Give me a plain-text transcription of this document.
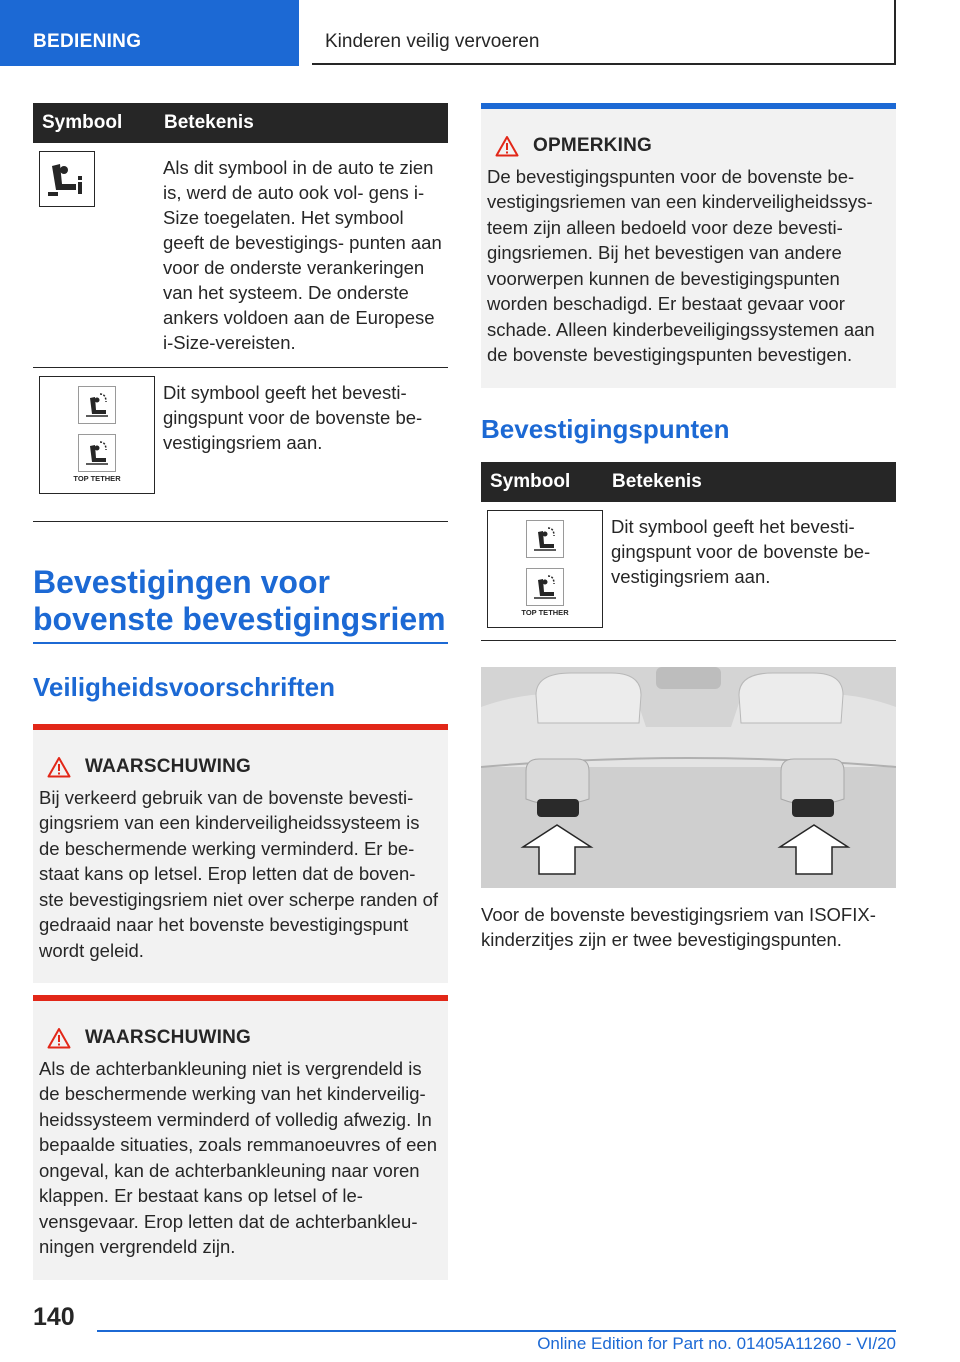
BEDIENING	Kinderen veilig vervoeren
Symbool	Betekenis

	Als dit symbool in de auto te zien is, werd de auto ook vol- gens i-Size toegelaten. Het symbool geeft de bevestigings- punten aan voor de onderste verankeringen van het systeem. De onderste ankers voldoen aan de Europese i-Size-vereisten.

TOP TETHER	Dit symbool geeft het bevesti- gingspunt voor de bovenste be- vestigingsriem aan.
Bevestigingen voor bovenste bevestigingsriem
Veiligheidsvoorschriften
WAARSCHUWING
Bij verkeerd gebruik van de bovenste bevesti- gingsriem van een kinderveiligheidssysteem is de beschermende werking verminderd. Er be- staat kans op letsel. Erop letten dat de boven- ste bevestigingsriem niet over scherpe randen of gedraaid naar het bovenste bevestigingspunt wordt geleid.
WAARSCHUWING
Als de achterbankleuning niet is vergrendeld is de beschermende werking van het kinderveilig- heidssysteem verminderd of volledig afwezig. In bepaalde situaties, zoals remmanoeuvres of een ongeval, kan de achterbankleuning naar voren klappen. Er bestaat kans op letsel of le- vensgevaar. Erop letten dat de achterbankleu- ningen vergrendeld zijn.
OPMERKING
De bevestigingspunten voor de bovenste be- vestigingsriemen van een kinderveiligheidssys- teem zijn alleen bedoeld voor deze bevesti- gingsriemen. Bij het bevestigen van andere voorwerpen kunnen de bevestigingspunten worden beschadigd. Er bestaat gevaar voor schade. Alleen kinderbeveiligingssystemen aan de bovenste bevestigingspunten bevestigen.
Bevestigingspunten
Symbool	Betekenis

TOP TETHER	Dit symbool geeft het bevesti- gingspunt voor de bovenste be- vestigingsriem aan.
Voor de bovenste bevestigingsriem van ISOFIX- kinderzitjes zijn er twee bevestigingspunten.
140
Online Edition for Part no. 01405A11260 - VI/20
